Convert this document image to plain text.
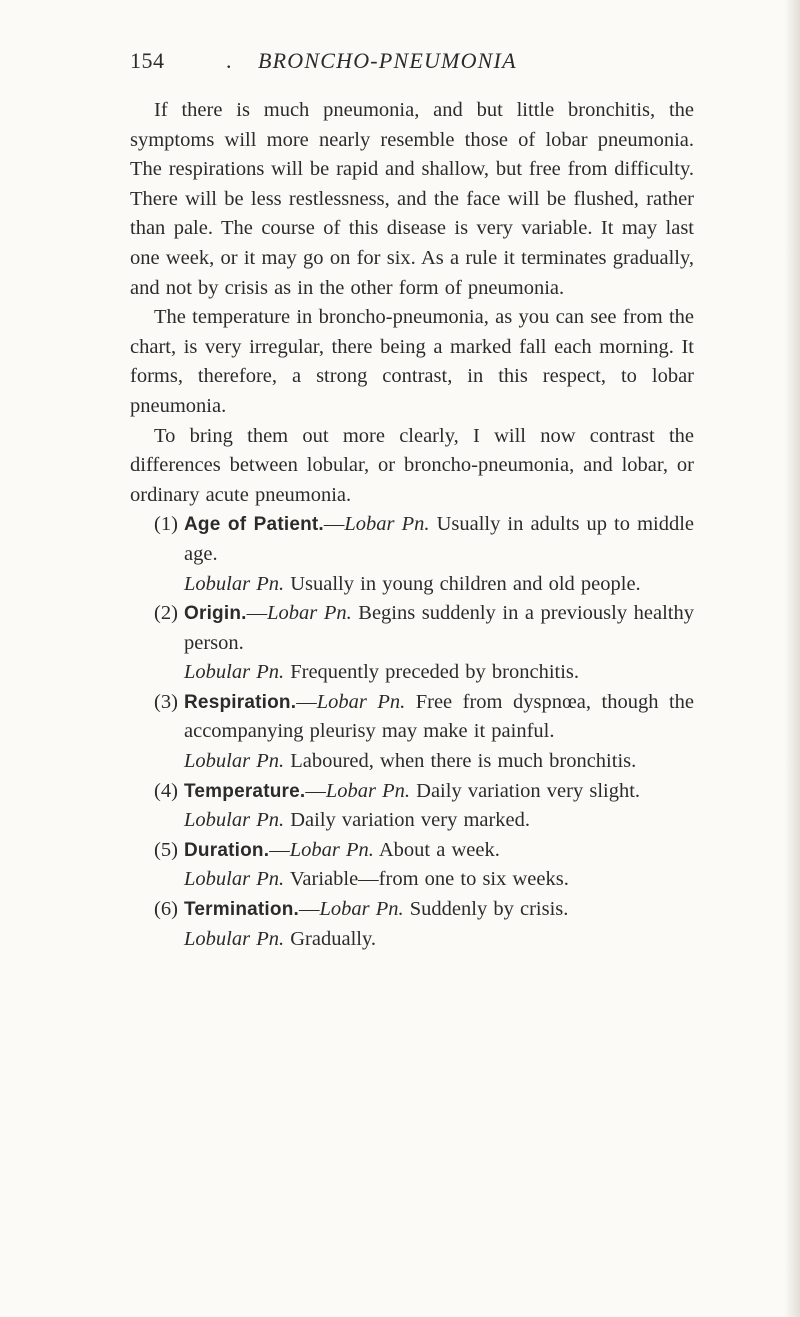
154	. BRONCHO-PNEUMONIA

If there is much pneumonia, and but little bronchitis, the symptoms will more nearly resemble those of lobar pneumonia. The respirations will be rapid and shallow, but free from difficulty. There will be less restlessness, and the face will be flushed, rather than pale. The course of this disease is very variable. It may last one week, or it may go on for six. As a rule it terminates gradually, and not by crisis as in the other form of pneumonia.

The temperature in broncho-pneumonia, as you can see from the chart, is very irregular, there being a marked fall each morning. It forms, therefore, a strong contrast, in this respect, to lobar pneumonia.

To bring them out more clearly, I will now contrast the differences between lobular, or broncho-pneumonia, and lobar, or ordinary acute pneumonia.

(1) Age of Patient.—Lobar Pn. Usually in adults up to middle age.
Lobular Pn. Usually in young children and old people.
(2) Origin.—Lobar Pn. Begins suddenly in a previously healthy person.
Lobular Pn. Frequently preceded by bronchitis.
(3) Respiration.—Lobar Pn. Free from dyspnœa, though the accompanying pleurisy may make it painful.
Lobular Pn. Laboured, when there is much bronchitis.
(4) Temperature.—Lobar Pn. Daily variation very slight.
Lobular Pn. Daily variation very marked.
(5) Duration.—Lobar Pn. About a week.
Lobular Pn. Variable—from one to six weeks.
(6) Termination.—Lobar Pn. Suddenly by crisis.
Lobular Pn. Gradually.
